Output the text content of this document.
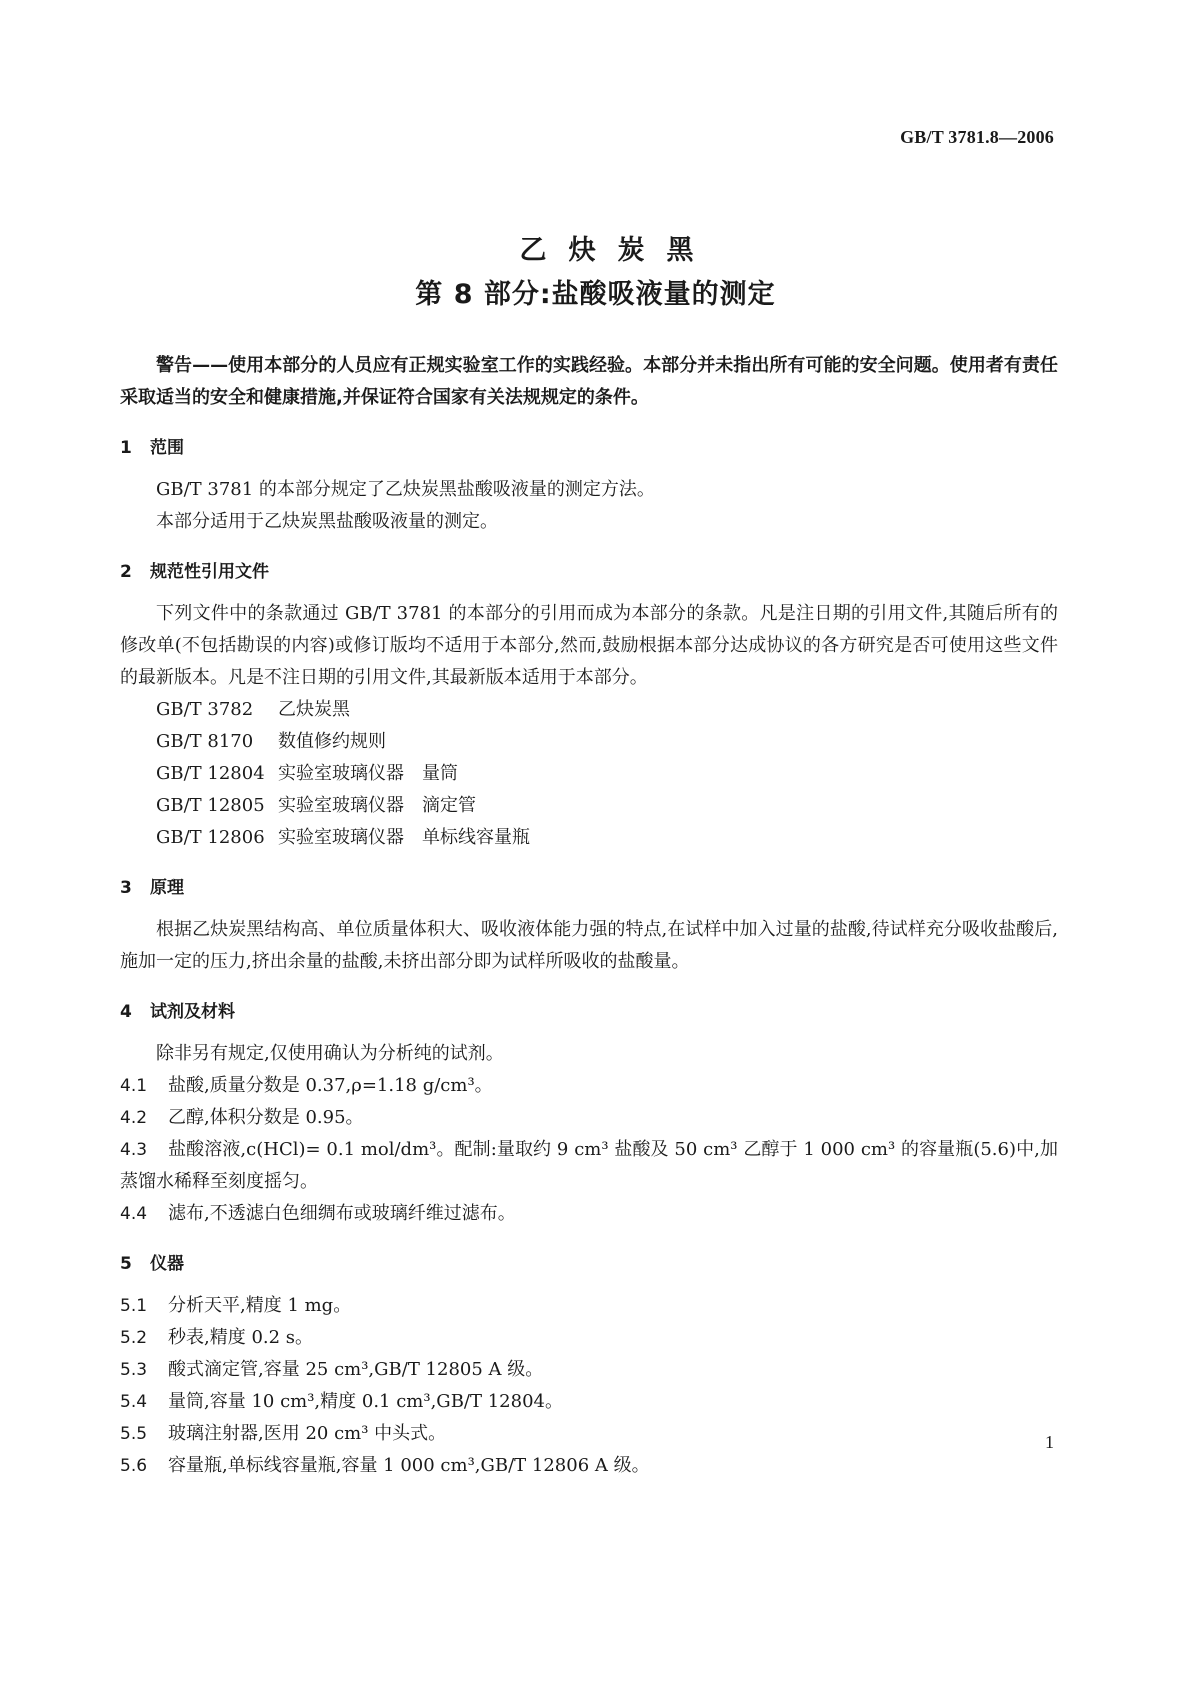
GB/T 3781.8—2006
乙炔炭黑
第 8 部分:盐酸吸液量的测定

警告——使用本部分的人员应有正规实验室工作的实践经验。本部分并未指出所有可能的安全问题。使用者有责任采取适当的安全和健康措施,并保证符合国家有关法规规定的条件。

1 范围

GB/T 3781 的本部分规定了乙炔炭黑盐酸吸液量的测定方法。

本部分适用于乙炔炭黑盐酸吸液量的测定。

2 规范性引用文件

下列文件中的条款通过 GB/T 3781 的本部分的引用而成为本部分的条款。凡是注日期的引用文件,其随后所有的修改单(不包括勘误的内容)或修订版均不适用于本部分,然而,鼓励根据本部分达成协议的各方研究是否可使用这些文件的最新版本。凡是不注日期的引用文件,其最新版本适用于本部分。

GB/T 3782 乙炔炭黑
GB/T 8170 数值修约规则
GB/T 12804 实验室玻璃仪器　量筒
GB/T 12805 实验室玻璃仪器　滴定管
GB/T 12806 实验室玻璃仪器　单标线容量瓶
3 原理

根据乙炔炭黑结构高、单位质量体积大、吸收液体能力强的特点,在试样中加入过量的盐酸,待试样充分吸收盐酸后,施加一定的压力,挤出余量的盐酸,未挤出部分即为试样所吸收的盐酸量。

4 试剂及材料

除非另有规定,仅使用确认为分析纯的试剂。

4.1 盐酸,质量分数是 0.37,ρ=1.18 g/cm³。

4.2 乙醇,体积分数是 0.95。

4.3 盐酸溶液,c(HCl)= 0.1 mol/dm³。配制:量取约 9 cm³ 盐酸及 50 cm³ 乙醇于 1 000 cm³ 的容量瓶(5.6)中,加蒸馏水稀释至刻度摇匀。

4.4 滤布,不透滤白色细绸布或玻璃纤维过滤布。

5 仪器

5.1 分析天平,精度 1 mg。

5.2 秒表,精度 0.2 s。

5.3 酸式滴定管,容量 25 cm³,GB/T 12805 A 级。

5.4 量筒,容量 10 cm³,精度 0.1 cm³,GB/T 12804。

5.5 玻璃注射器,医用 20 cm³ 中头式。

5.6 容量瓶,单标线容量瓶,容量 1 000 cm³,GB/T 12806 A 级。

1
